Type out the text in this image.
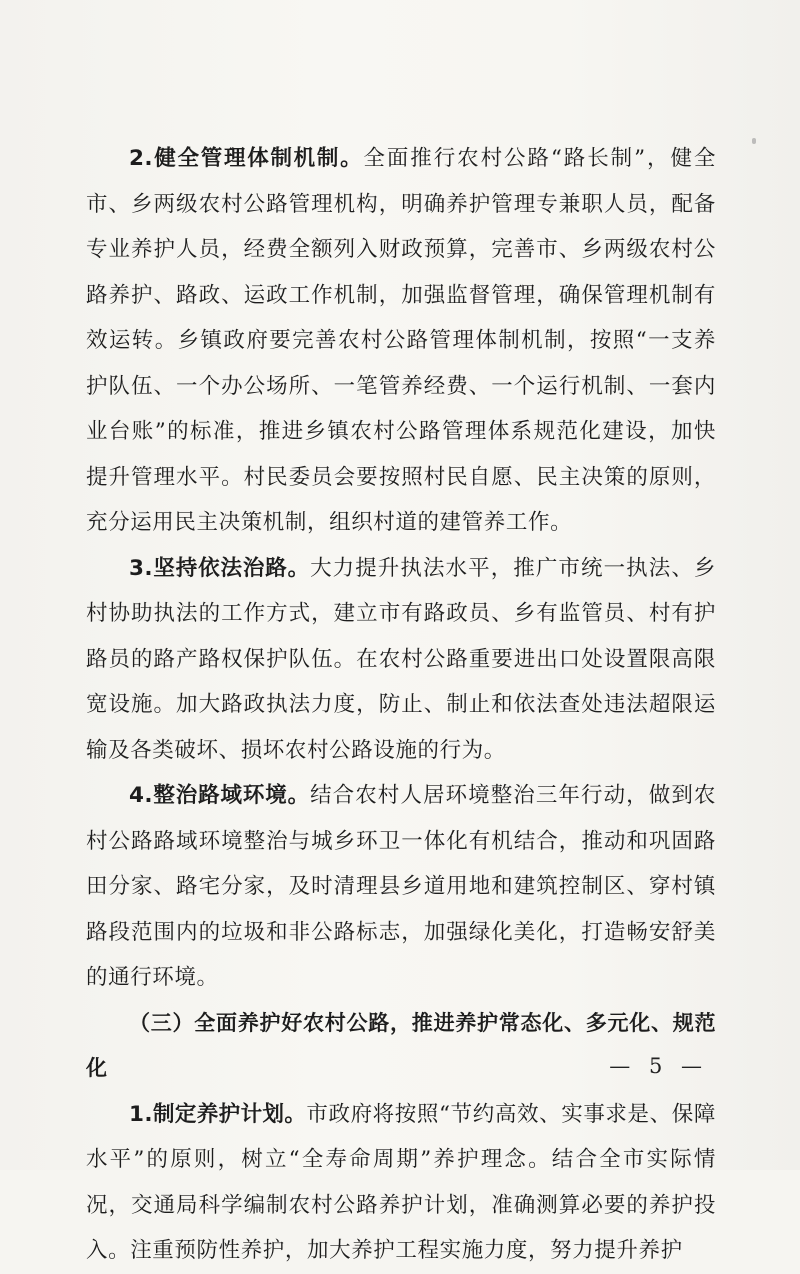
2.健全管理体制机制。全面推行农村公路“路长制”，健全市、乡两级农村公路管理机构，明确养护管理专兼职人员，配备专业养护人员，经费全额列入财政预算，完善市、乡两级农村公路养护、路政、运政工作机制，加强监督管理，确保管理机制有效运转。乡镇政府要完善农村公路管理体制机制，按照“一支养护队伍、一个办公场所、一笔管养经费、一个运行机制、一套内业台账”的标准，推进乡镇农村公路管理体系规范化建设，加快提升管理水平。村民委员会要按照村民自愿、民主决策的原则，充分运用民主决策机制，组织村道的建管养工作。

3.坚持依法治路。大力提升执法水平，推广市统一执法、乡村协助执法的工作方式，建立市有路政员、乡有监管员、村有护路员的路产路权保护队伍。在农村公路重要进出口处设置限高限宽设施。加大路政执法力度，防止、制止和依法查处违法超限运输及各类破坏、损坏农村公路设施的行为。

4.整治路域环境。结合农村人居环境整治三年行动，做到农村公路路域环境整治与城乡环卫一体化有机结合，推动和巩固路田分家、路宅分家，及时清理县乡道用地和建筑控制区、穿村镇路段范围内的垃圾和非公路标志，加强绿化美化，打造畅安舒美的通行环境。

（三）全面养护好农村公路，推进养护常态化、多元化、规范化

1.制定养护计划。市政府将按照“节约高效、实事求是、保障水平”的原则，树立“全寿命周期”养护理念。结合全市实际情况，交通局科学编制农村公路养护计划，准确测算必要的养护投入。注重预防性养护，加大养护工程实施力度，努力提升养护

— 5 —
